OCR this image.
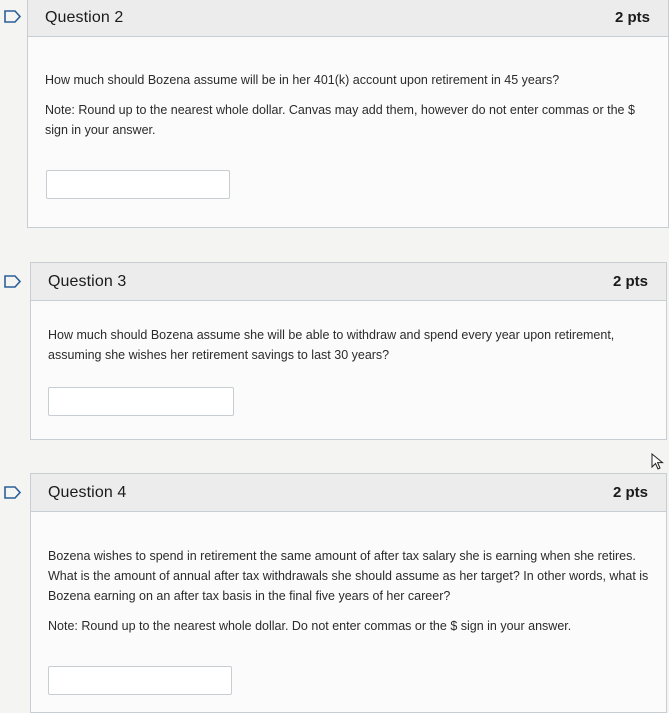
Question 2	2 pts

How much should Bozena assume will be in her 401(k) account upon retirement in 45 years?

Note: Round up to the nearest whole dollar. Canvas may add them, however do not enter commas or the $ sign in your answer.

Question 3	2 pts

How much should Bozena assume she will be able to withdraw and spend every year upon retirement, assuming she wishes her retirement savings to last 30 years?

Question 4	2 pts

Bozena wishes to spend in retirement the same amount of after tax salary she is earning when she retires. What is the amount of annual after tax withdrawals she should assume as her target? In other words, what is Bozena earning on an after tax basis in the final five years of her career?

Note: Round up to the nearest whole dollar. Do not enter commas or the $ sign in your answer.
